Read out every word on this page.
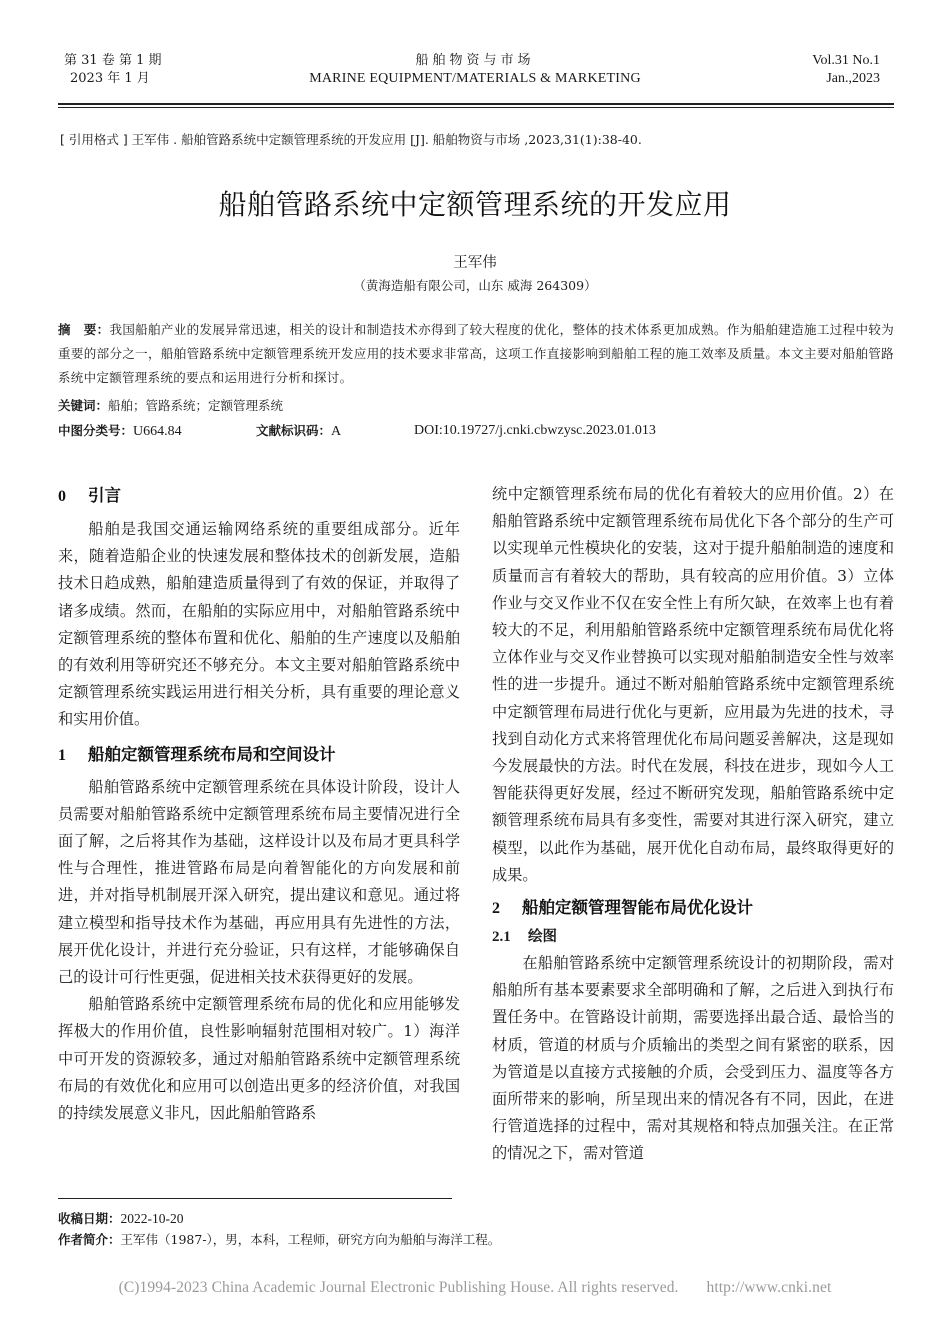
第 31 卷 第 1 期
2023 年 1 月
船舶物资与市场
MARINE EQUIPMENT/MATERIALS & MARKETING
Vol.31 No.1
Jan.,2023
[ 引用格式 ] 王军伟 . 船舶管路系统中定额管理系统的开发应用 [J]. 船舶物资与市场 ,2023,31(1):38-40.
船舶管路系统中定额管理系统的开发应用
王军伟
（黄海造船有限公司，山东 威海 264309）
摘　要：我国船舶产业的发展异常迅速，相关的设计和制造技术亦得到了较大程度的优化，整体的技术体系更加成熟。作为船舶建造施工过程中较为重要的部分之一，船舶管路系统中定额管理系统开发应用的技术要求非常高，这项工作直接影响到船舶工程的施工效率及质量。本文主要对船舶管路系统中定额管理系统的要点和运用进行分析和探讨。
关键词：船舶；管路系统；定额管理系统
中图分类号：U664.84	文献标识码：A	DOI:10.19727/j.cnki.cbwzysc.2023.01.013
0 引言

船舶是我国交通运输网络系统的重要组成部分。近年来，随着造船企业的快速发展和整体技术的创新发展，造船技术日趋成熟，船舶建造质量得到了有效的保证，并取得了诸多成绩。然而，在船舶的实际应用中，对船舶管路系统中定额管理系统的整体布置和优化、船舶的生产速度以及船舶的有效利用等研究还不够充分。本文主要对船舶管路系统中定额管理系统实践运用进行相关分析，具有重要的理论意义和实用价值。

1 船舶定额管理系统布局和空间设计

船舶管路系统中定额管理系统在具体设计阶段，设计人员需要对船舶管路系统中定额管理系统布局主要情况进行全面了解，之后将其作为基础，这样设计以及布局才更具科学性与合理性，推进管路布局是向着智能化的方向发展和前进，并对指导机制展开深入研究，提出建议和意见。通过将建立模型和指导技术作为基础，再应用具有先进性的方法，展开优化设计，并进行充分验证，只有这样，才能够确保自己的设计可行性更强，促进相关技术获得更好的发展。

船舶管路系统中定额管理系统布局的优化和应用能够发挥极大的作用价值，良性影响辐射范围相对较广。1）海洋中可开发的资源较多，通过对船舶管路系统中定额管理系统布局的有效优化和应用可以创造出更多的经济价值，对我国的持续发展意义非凡，因此船舶管路系

统中定额管理系统布局的优化有着较大的应用价值。2）在船舶管路系统中定额管理系统布局优化下各个部分的生产可以实现单元性模块化的安装，这对于提升船舶制造的速度和质量而言有着较大的帮助，具有较高的应用价值。3）立体作业与交叉作业不仅在安全性上有所欠缺，在效率上也有着较大的不足，利用船舶管路系统中定额管理系统布局优化将立体作业与交叉作业替换可以实现对船舶制造安全性与效率性的进一步提升。通过不断对船舶管路系统中定额管理系统中定额管理布局进行优化与更新，应用最为先进的技术，寻找到自动化方式来将管理优化布局问题妥善解决，这是现如今发展最快的方法。时代在发展，科技在进步，现如今人工智能获得更好发展，经过不断研究发现，船舶管路系统中定额管理系统布局具有多变性，需要对其进行深入研究，建立模型，以此作为基础，展开优化自动布局，最终取得更好的成果。

2 船舶定额管理智能布局优化设计
2.1 绘图

在船舶管路系统中定额管理系统设计的初期阶段，需对船舶所有基本要素要求全部明确和了解，之后进入到执行布置任务中。在管路设计前期，需要选择出最合适、最恰当的材质，管道的材质与介质输出的类型之间有紧密的联系，因为管道是以直接方式接触的介质，会受到压力、温度等各方面所带来的影响，所呈现出来的情况各有不同，因此，在进行管道选择的过程中，需对其规格和特点加强关注。在正常的情况之下，需对管道

收稿日期：2022-10-20
作者简介：王军伟（1987-），男，本科，工程师，研究方向为船舶与海洋工程。
(C)1994-2023 China Academic Journal Electronic Publishing House. All rights reserved. http://www.cnki.net
